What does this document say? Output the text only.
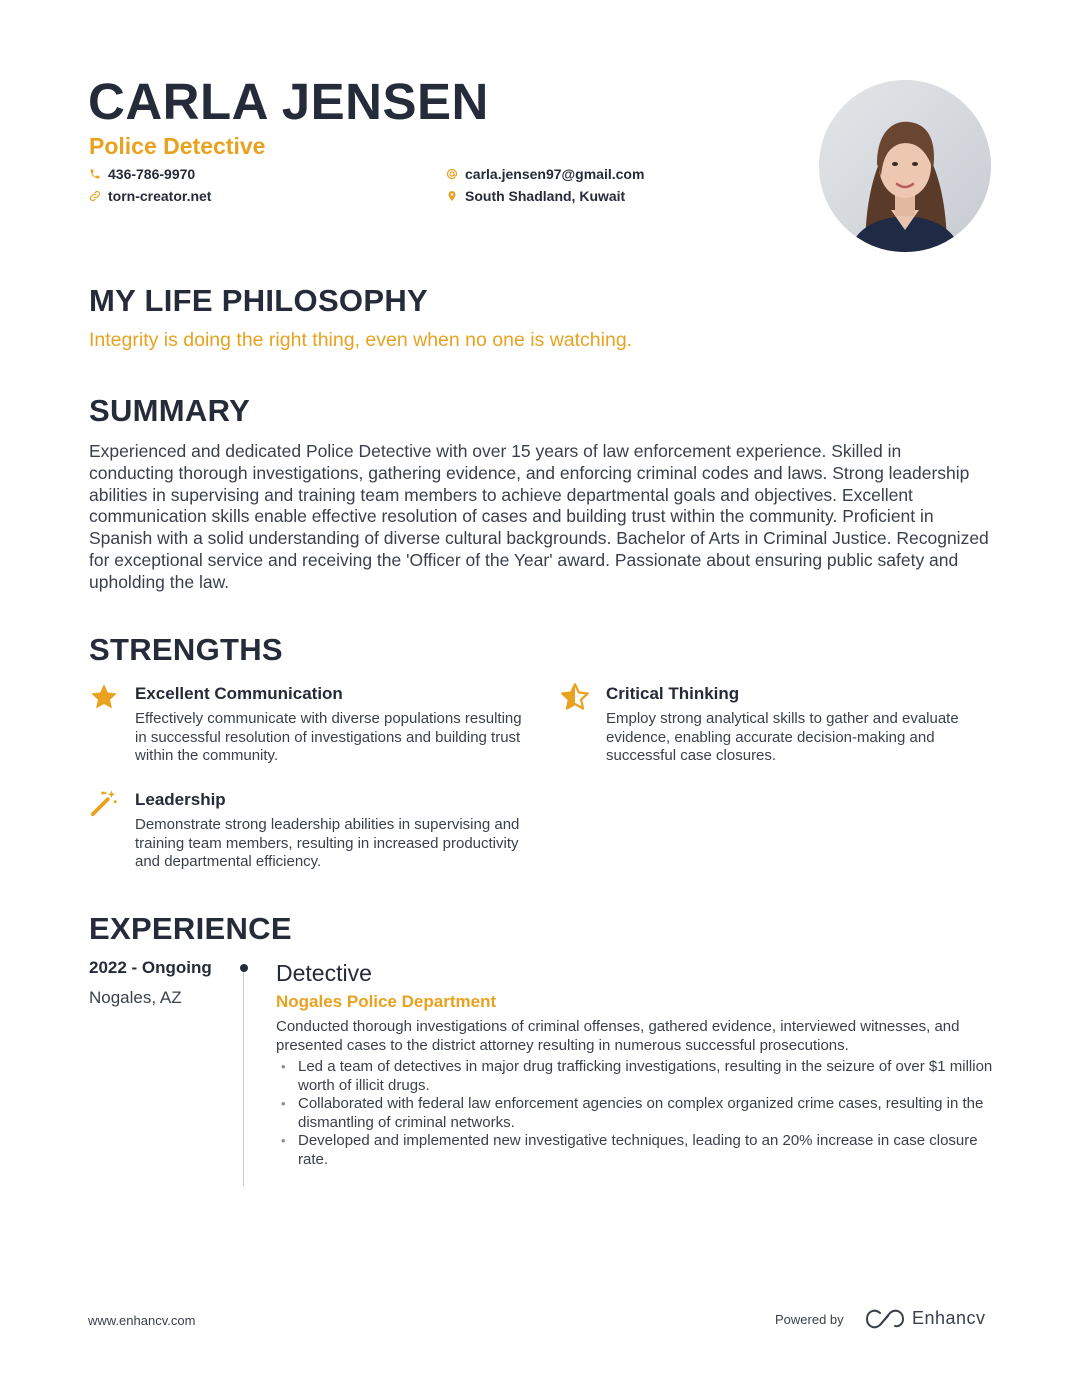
CARLA JENSEN
Police Detective
436-786-9970	carla.jensen97@gmail.com
torn-creator.net	South Shadland, Kuwait
MY LIFE PHILOSOPHY
Integrity is doing the right thing, even when no one is watching.
SUMMARY
Experienced and dedicated Police Detective with over 15 years of law enforcement experience. Skilled in conducting thorough investigations, gathering evidence, and enforcing criminal codes and laws. Strong leadership abilities in supervising and training team members to achieve departmental goals and objectives. Excellent communication skills enable effective resolution of cases and building trust within the community. Proficient in Spanish with a solid understanding of diverse cultural backgrounds. Bachelor of Arts in Criminal Justice. Recognized for exceptional service and receiving the 'Officer of the Year' award. Passionate about ensuring public safety and upholding the law.
STRENGTHS
Excellent Communication
Effectively communicate with diverse populations resulting in successful resolution of investigations and building trust within the community.
Critical Thinking
Employ strong analytical skills to gather and evaluate evidence, enabling accurate decision-making and successful case closures.
Leadership
Demonstrate strong leadership abilities in supervising and training team members, resulting in increased productivity and departmental efficiency.
EXPERIENCE
2022 - Ongoing
Nogales, AZ
Detective
Nogales Police Department
Conducted thorough investigations of criminal offenses, gathered evidence, interviewed witnesses, and presented cases to the district attorney resulting in numerous successful prosecutions.
• Led a team of detectives in major drug trafficking investigations, resulting in the seizure of over $1 million worth of illicit drugs.
• Collaborated with federal law enforcement agencies on complex organized crime cases, resulting in the dismantling of criminal networks.
• Developed and implemented new investigative techniques, leading to an 20% increase in case closure rate.
www.enhancv.com	Powered by	Enhancv
